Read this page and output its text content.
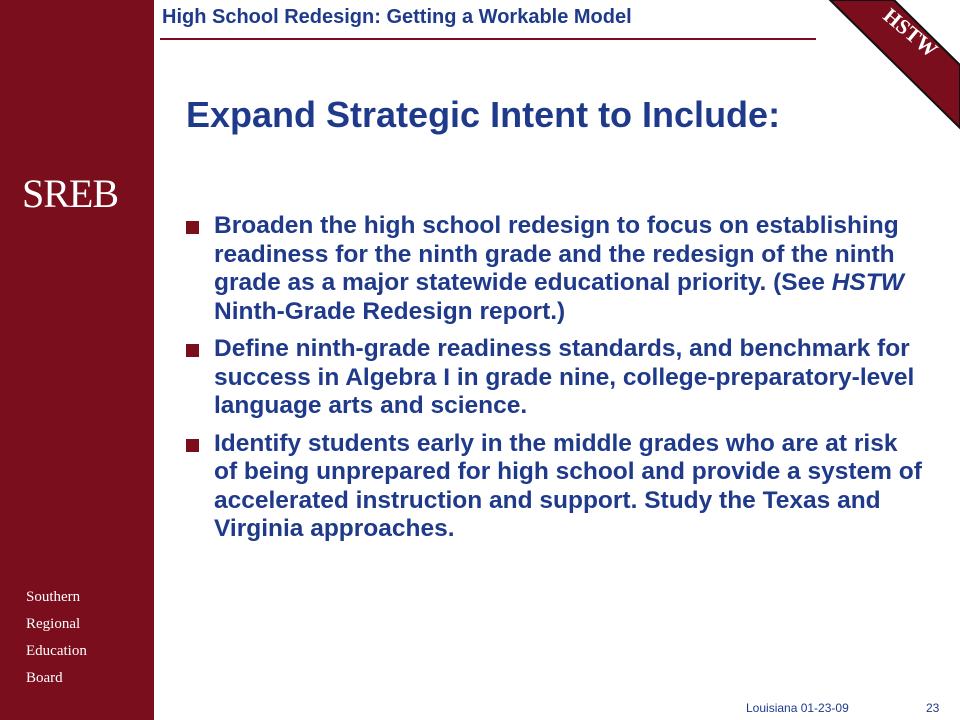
SREB
Southern
Regional
Education
Board
High School Redesign: Getting a Workable Model	HSTW
Expand Strategic Intent to Include:
Broaden the high school redesign to focus on establishing readiness for the ninth grade and the redesign of the ninth grade as a major statewide educational priority. (See HSTW Ninth-Grade Redesign report.)
Define ninth-grade readiness standards, and benchmark for success in Algebra I in grade nine, college-preparatory-level language arts and science.
Identify students early in the middle grades who are at risk of being unprepared for high school and provide a system of accelerated instruction and support. Study the Texas and Virginia approaches.
Louisiana 01-23-09	23
